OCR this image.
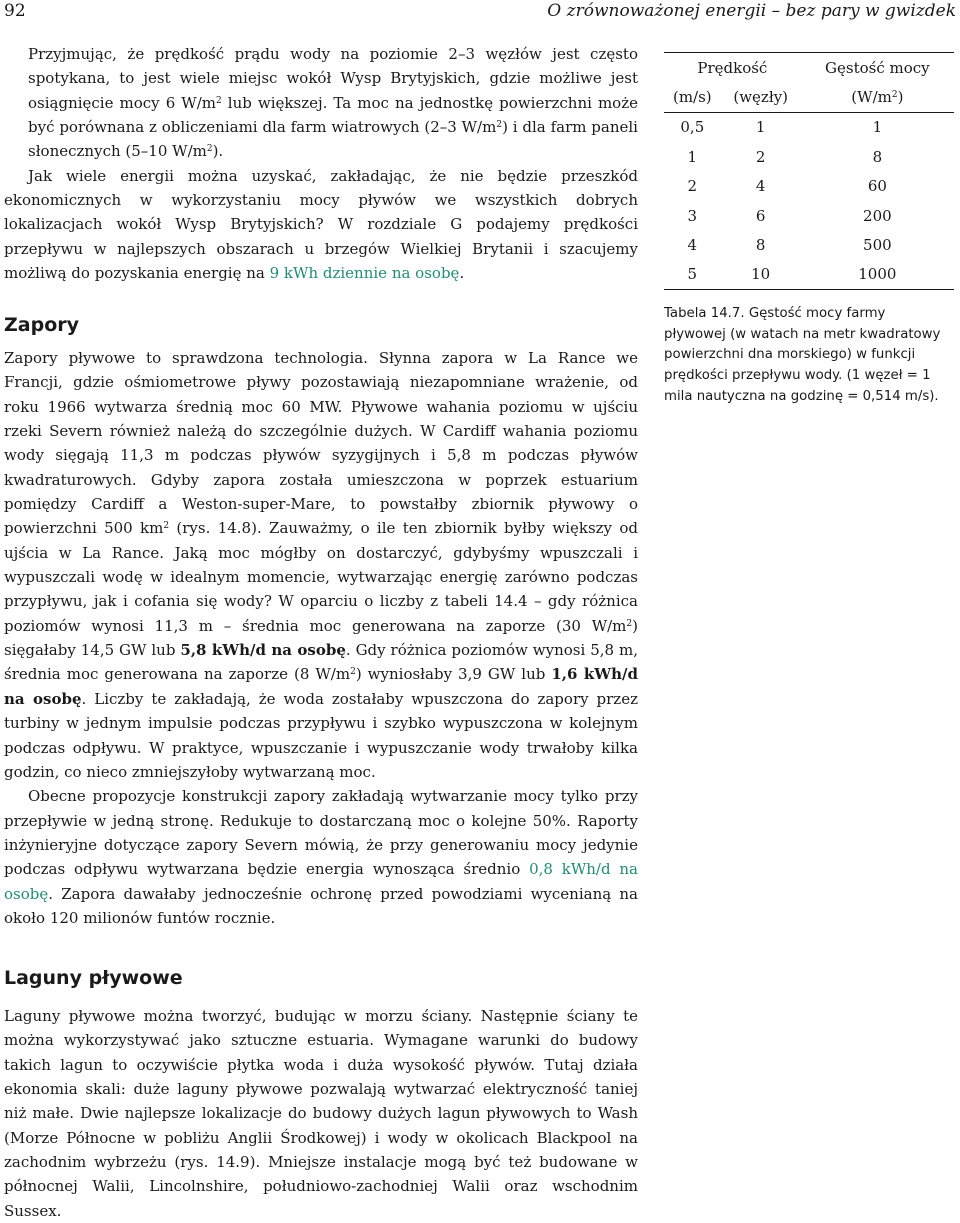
92	O zrównoważonej energii – bez pary w gwizdek

Przyjmując, że prędkość prądu wody na poziomie 2–3 węzłów jest często spotykana, to jest wiele miejsc wokół Wysp Brytyjskich, gdzie możliwe jest osiągnięcie mocy 6 $W/m^2$ lub większej. Ta moc na jednostkę powierzchni może być porównana z obliczeniami dla farm wiatrowych (2–3 $W/m^2$) i dla farm paneli słonecznych (5–10 $W/m^2$).

Jak wiele energii można uzyskać, zakładając, że nie będzie przeszkód ekonomicznych w wykorzystaniu mocy pływów we wszystkich dobrych lokalizacjach wokół Wysp Brytyjskich? W rozdziale G podajemy prędkości przepływu w najlepszych obszarach u brzegów Wielkiej Brytanii i szacujemy możliwą do pozyskania energię na 9 kWh dziennie na osobę.

Zapory

Zapory pływowe to sprawdzona technologia. Słynna zapora w La Rance we Francji, gdzie ośmiometrowe pływy pozostawiają niezapomniane wrażenie, od roku 1966 wytwarza średnią moc 60 MW. Pływowe wahania poziomu w ujściu rzeki Severn również należą do szczególnie dużych. W Cardiff wahania poziomu wody sięgają 11,3 m podczas pływów syzygijnych i 5,8 m podczas pływów kwadraturowych. Gdyby zapora została umieszczona w poprzek estuarium pomiędzy Cardiff a Weston-super-Mare, to powstałby zbiornik pływowy o powierzchni 500 $km^2$ (rys. 14.8). Zauważmy, o ile ten zbiornik byłby większy od ujścia w La Rance. Jaką moc mógłby on dostarczyć, gdybyśmy wpuszczali i wypuszczali wodę w idealnym momencie, wytwarzając energię zarówno podczas przypływu, jak i cofania się wody? W oparciu o liczby z tabeli 14.4 – gdy różnica poziomów wynosi 11,3 m – średnia moc generowana na zaporze (30 $W/m^2$) sięgałaby 14,5 GW lub 5,8 kWh/d na osobę. Gdy różnica poziomów wynosi 5,8 m, średnia moc generowana na zaporze (8 $W/m^2$) wyniosłaby 3,9 GW lub 1,6 kWh/d na osobę. Liczby te zakładają, że woda zostałaby wpuszczona do zapory przez turbiny w jednym impulsie podczas przypływu i szybko wypuszczona w kolejnym podczas odpływu. W praktyce, wpuszczanie i wypuszczanie wody trwałoby kilka godzin, co nieco zmniejszyłoby wytwarzaną moc.

Obecne propozycje konstrukcji zapory zakładają wytwarzanie mocy tylko przy przepływie w jedną stronę. Redukuje to dostarczaną moc o kolejne 50%. Raporty inżynieryjne dotyczące zapory Severn mówią, że przy generowaniu mocy jedynie podczas odpływu wytwarzana będzie energia wynosząca średnio 0,8 kWh/d na osobę. Zapora dawałaby jednocześnie ochronę przed powodziami wycenianą na około 120 milionów funtów rocznie.

Laguny pływowe

Laguny pływowe można tworzyć, budując w morzu ściany. Następnie ściany te można wykorzystywać jako sztuczne estuaria. Wymagane warunki do budowy takich lagun to oczywiście płytka woda i duża wysokość pływów. Tutaj działa ekonomia skali: duże laguny pływowe pozwalają wytwarzać elektryczność taniej niż małe. Dwie najlepsze lokalizacje do budowy dużych lagun pływowych to Wash (Morze Północne w pobliżu Anglii Środkowej) i wody w okolicach Blackpool na zachodnim wybrzeżu (rys. 14.9). Mniejsze instalacje mogą być też budowane w północnej Walii, Lincolnshire, południowo-zachodniej Walii oraz wschodnim Sussex.

Prędkość		Gęstość mocy
(m/s)	(węzły)	$(W/m^2)$
0,5	1	1
1	2	8
2	4	60
3	6	200
4	8	500
5	10	1000
Tabela 14.7. Gęstość mocy farmy pływowej (w watach na metr kwadratowy powierzchni dna morskiego) w funkcji prędkości przepływu wody. (1 węzeł = 1 mila nautyczna na godzinę = 0,514 m/s).
